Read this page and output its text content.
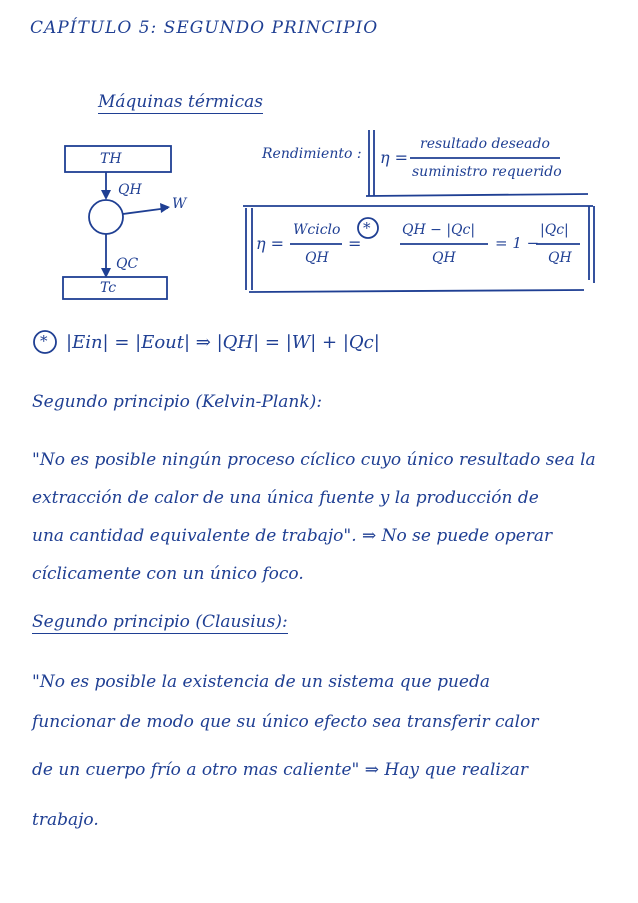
CAPÍTULO 5: SEGUNDO PRINCIPIO
Máquinas térmicas
TH
QH
W
QC
Tc
Rendimiento : η =
resultado deseado
suministro requerido
η =
Wciclo
QH
=
* QH − |Qc|
QH
= 1 −
|Qc|
QH
* |Ein| = |Eout| ⇒ |QH| = |W| + |Qc|
Segundo principio (Kelvin-Plank):
"No es posible ningún proceso cíclico cuyo único resultado sea la
extracción de calor de una única fuente y la producción de
una cantidad equivalente de trabajo". ⇒ No se puede operar
cíclicamente con un único foco.
Segundo principio (Clausius):
"No es posible la existencia de un sistema que pueda
funcionar de modo que su único efecto sea transferir calor
de un cuerpo frío a otro mas caliente" ⇒ Hay que realizar
trabajo.
